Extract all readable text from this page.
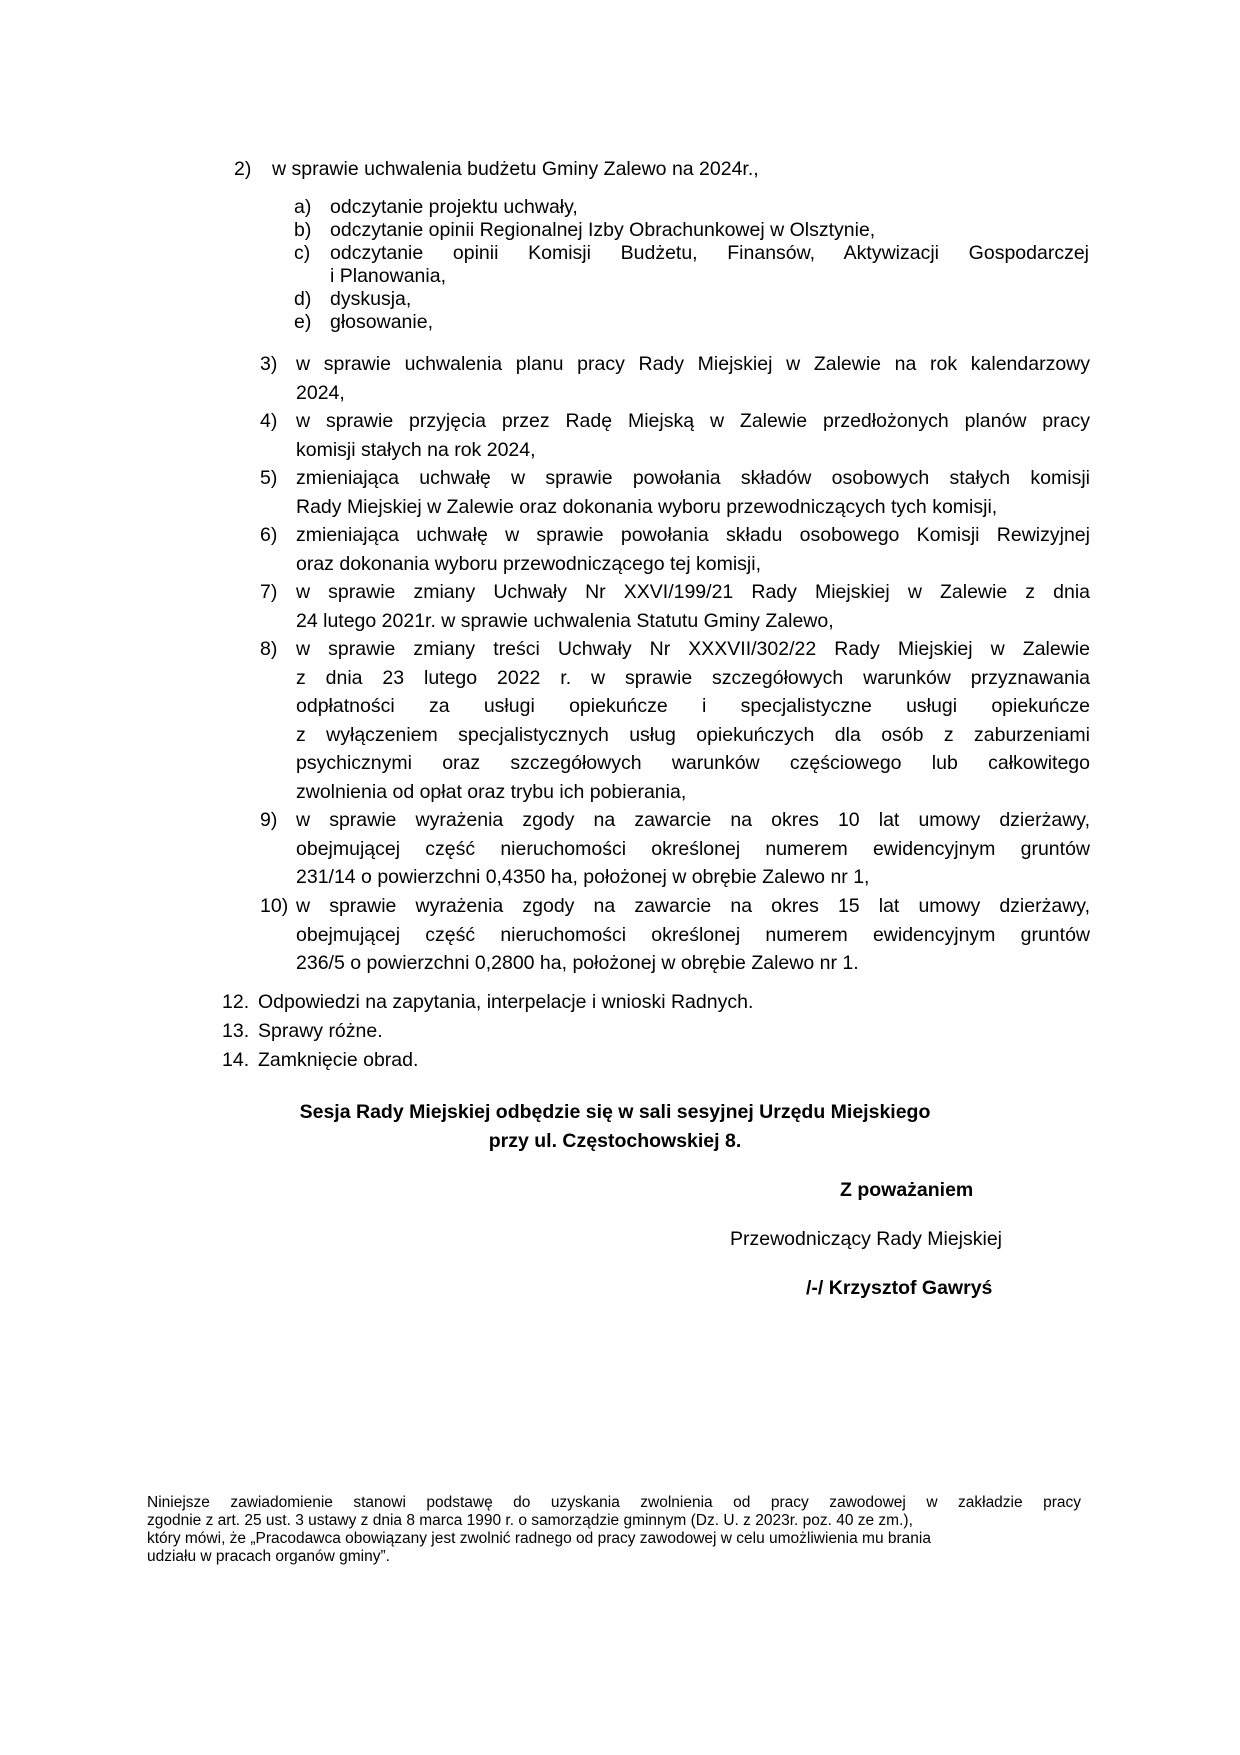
2) w sprawie uchwalenia budżetu Gminy Zalewo na 2024r.,
a) odczytanie projektu uchwały,
b) odczytanie opinii Regionalnej Izby Obrachunkowej w Olsztynie,
c) odczytanie opinii Komisji Budżetu, Finansów, Aktywizacji Gospodarczej
i Planowania,
d) dyskusja,
e) głosowanie,
3) w sprawie uchwalenia planu pracy Rady Miejskiej w Zalewie na rok kalendarzowy
2024,
4) w sprawie przyjęcia przez Radę Miejską w Zalewie przedłożonych planów pracy
komisji stałych na rok 2024,
5) zmieniająca uchwałę w sprawie powołania składów osobowych stałych komisji
Rady Miejskiej w Zalewie oraz dokonania wyboru przewodniczących tych komisji,
6) zmieniająca uchwałę w sprawie powołania składu osobowego Komisji Rewizyjnej
oraz dokonania wyboru przewodniczącego tej komisji,
7) w sprawie zmiany Uchwały Nr XXVI/199/21 Rady Miejskiej w Zalewie z dnia
24 lutego 2021r. w sprawie uchwalenia Statutu Gminy Zalewo,
8) w sprawie zmiany treści Uchwały Nr XXXVII/302/22 Rady Miejskiej w Zalewie
z dnia 23 lutego 2022 r. w sprawie szczegółowych warunków przyznawania
odpłatności za usługi opiekuńcze i specjalistyczne usługi opiekuńcze
z wyłączeniem specjalistycznych usług opiekuńczych dla osób z zaburzeniami
psychicznymi oraz szczegółowych warunków częściowego lub całkowitego
zwolnienia od opłat oraz trybu ich pobierania,
9) w sprawie wyrażenia zgody na zawarcie na okres 10 lat umowy dzierżawy,
obejmującej część nieruchomości określonej numerem ewidencyjnym gruntów
231/14 o powierzchni 0,4350 ha, położonej w obrębie Zalewo nr 1,
10) w sprawie wyrażenia zgody na zawarcie na okres 15 lat umowy dzierżawy,
obejmującej część nieruchomości określonej numerem ewidencyjnym gruntów
236/5 o powierzchni 0,2800 ha, położonej w obrębie Zalewo nr 1.
12. Odpowiedzi na zapytania, interpelacje i wnioski Radnych.
13. Sprawy różne.
14. Zamknięcie obrad.
Sesja Rady Miejskiej odbędzie się w sali sesyjnej Urzędu Miejskiego
przy ul. Częstochowskiej 8.
Z poważaniem
Przewodniczący Rady Miejskiej
/-/ Krzysztof Gawryś
Niniejsze zawiadomienie stanowi podstawę do uzyskania zwolnienia od pracy zawodowej w zakładzie pracy
zgodnie z art. 25 ust. 3 ustawy z dnia 8 marca 1990 r. o samorządzie gminnym (Dz. U. z 2023r. poz. 40 ze zm.),
który mówi, że „Pracodawca obowiązany jest zwolnić radnego od pracy zawodowej w celu umożliwienia mu brania
udziału w pracach organów gminy”.
